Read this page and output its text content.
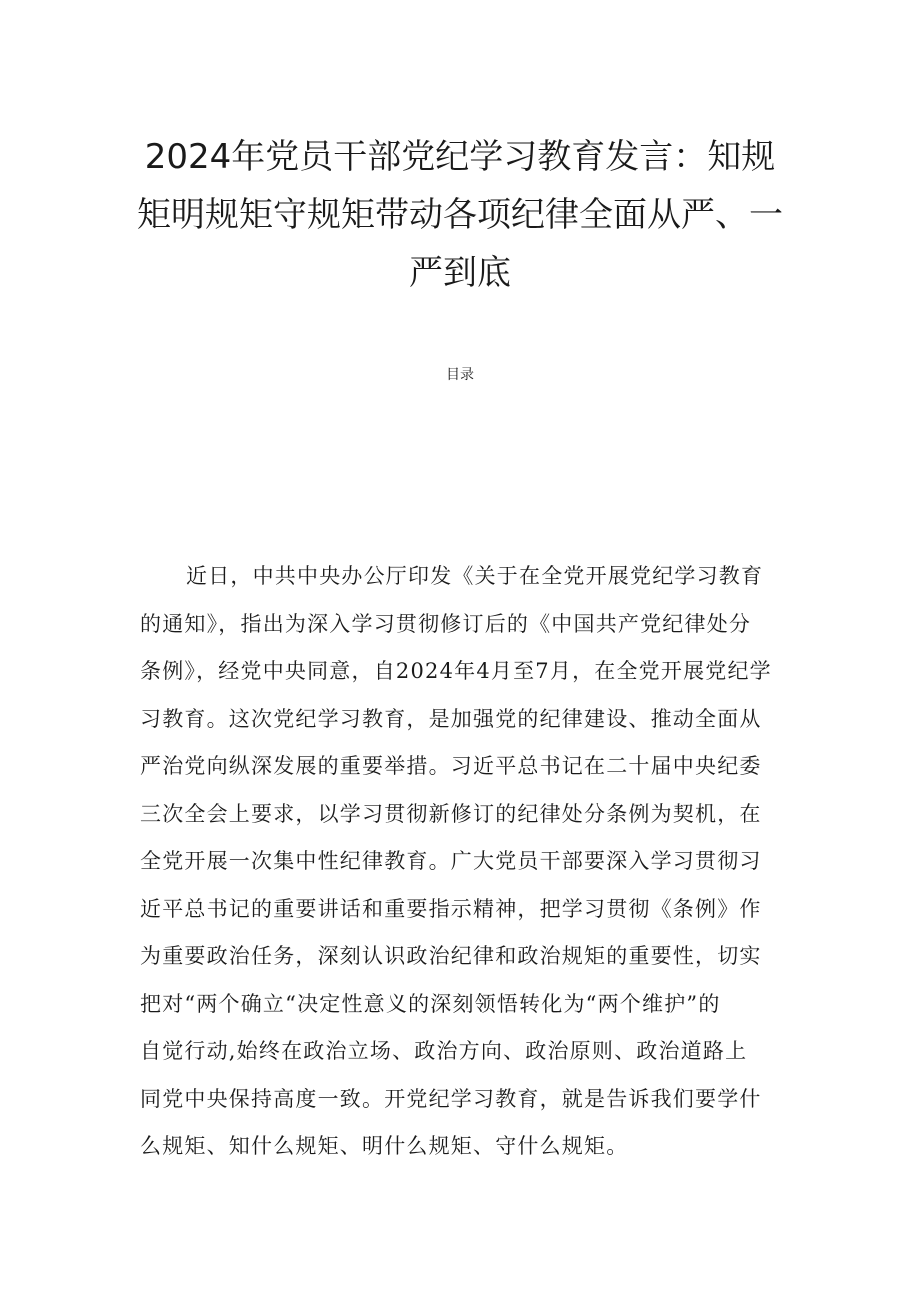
2024年党员干部党纪学习教育发言：知规
矩明规矩守规矩带动各项纪律全面从严、一
严到底
目录
近日，中共中央办公厅印发《关于在全党开展党纪学习教育
的通知》，指出为深入学习贯彻修订后的《中国共产党纪律处分
条例》，经党中央同意，自2024年4月至7月，在全党开展党纪学
习教育。这次党纪学习教育，是加强党的纪律建设、推动全面从
严治党向纵深发展的重要举措。习近平总书记在二十届中央纪委
三次全会上要求，以学习贯彻新修订的纪律处分条例为契机，在
全党开展一次集中性纪律教育。广大党员干部要深入学习贯彻习
近平总书记的重要讲话和重要指示精神，把学习贯彻《条例》作
为重要政治任务，深刻认识政治纪律和政治规矩的重要性，切实
把对“两个确立“决定性意义的深刻领悟转化为“两个维护”的
自觉行动,始终在政治立场、政治方向、政治原则、政治道路上
同党中央保持高度一致。开党纪学习教育，就是告诉我们要学什
么规矩、知什么规矩、明什么规矩、守什么规矩。
